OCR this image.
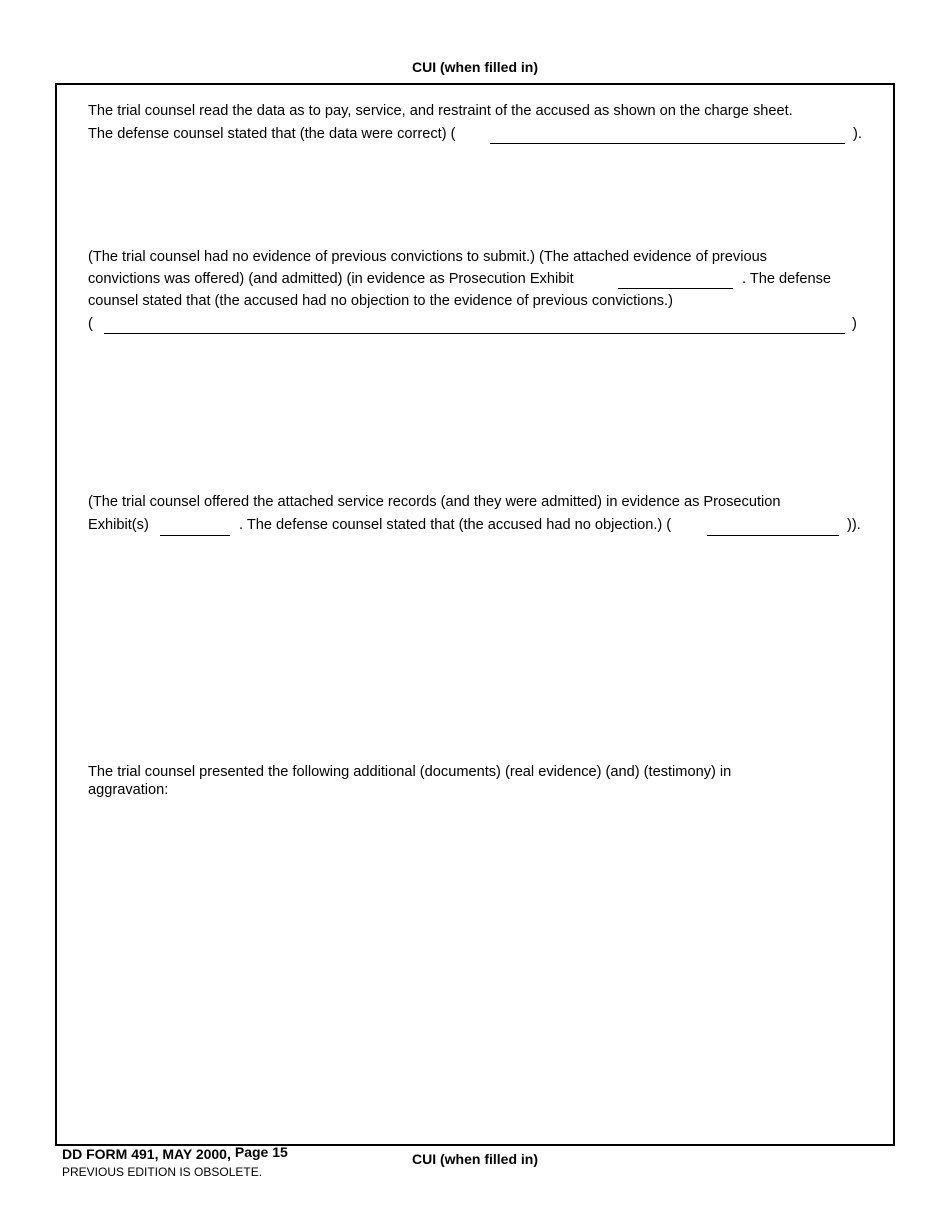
CUI (when filled in)
The trial counsel read the data as to pay, service, and restraint of the accused as shown on the charge sheet.
The defense counsel stated that (the data were correct) (	).
(The trial counsel had no evidence of previous convictions to submit.) (The attached evidence of previous
convictions was offered) (and admitted) (in evidence as Prosecution Exhibit	. The defense
counsel stated that (the accused had no objection to the evidence of previous convictions.)
(	)
(The trial counsel offered the attached service records (and they were admitted) in evidence as Prosecution
Exhibit(s)	. The defense counsel stated that (the accused had no objection.) (	)).
The trial counsel presented the following additional (documents) (real evidence) (and) (testimony) in
aggravation:
DD FORM 491, MAY 2000, Page 15
PREVIOUS EDITION IS OBSOLETE.
CUI (when filled in)
